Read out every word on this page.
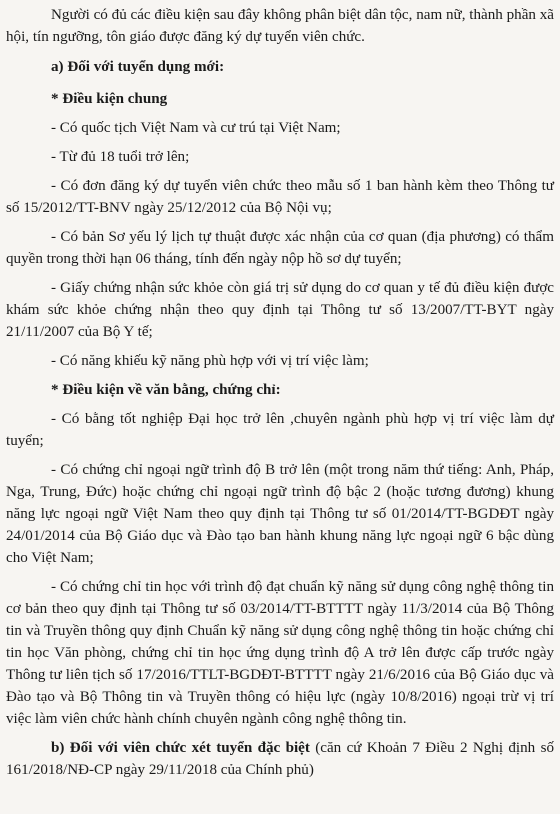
Người có đủ các điều kiện sau đây không phân biệt dân tộc, nam nữ, thành phần xã hội, tín ngưỡng, tôn giáo được đăng ký dự tuyển viên chức.

a) Đối với tuyển dụng mới:

* Điều kiện chung

- Có quốc tịch Việt Nam và cư trú tại Việt Nam;

- Từ đủ 18 tuổi trở lên;

- Có đơn đăng ký dự tuyển viên chức theo mẫu số 1 ban hành kèm theo Thông tư số 15/2012/TT-BNV ngày 25/12/2012 của Bộ Nội vụ;

- Có bản Sơ yếu lý lịch tự thuật được xác nhận của cơ quan (địa phương) có thẩm quyền trong thời hạn 06 tháng, tính đến ngày nộp hồ sơ dự tuyển;

- Giấy chứng nhận sức khỏe còn giá trị sử dụng do cơ quan y tế đủ điều kiện được khám sức khỏe chứng nhận theo quy định tại Thông tư số 13/2007/TT-BYT ngày 21/11/2007 của Bộ Y tế;

- Có năng khiếu kỹ năng phù hợp với vị trí việc làm;

* Điều kiện về văn bằng, chứng chỉ:

- Có bằng tốt nghiệp Đại học trở lên ,chuyên ngành phù hợp vị trí việc làm dự tuyển;

- Có chứng chỉ ngoại ngữ trình độ B trở lên (một trong năm thứ tiếng: Anh, Pháp, Nga, Trung, Đức) hoặc chứng chỉ ngoại ngữ trình độ bậc 2 (hoặc tương đương) khung năng lực ngoại ngữ Việt Nam theo quy định tại Thông tư số 01/2014/TT-BGDĐT ngày 24/01/2014 của Bộ Giáo dục và Đào tạo ban hành khung năng lực ngoại ngữ 6 bậc dùng cho Việt Nam;

- Có chứng chỉ tin học với trình độ đạt chuẩn kỹ năng sử dụng công nghệ thông tin cơ bản theo quy định tại Thông tư số 03/2014/TT-BTTTT ngày 11/3/2014 của Bộ Thông tin và Truyền thông quy định Chuẩn kỹ năng sử dụng công nghệ thông tin hoặc chứng chỉ tin học Văn phòng, chứng chỉ tin học ứng dụng trình độ A trở lên được cấp trước ngày Thông tư liên tịch số 17/2016/TTLT-BGDĐT-BTTTT ngày 21/6/2016 của Bộ Giáo dục và Đào tạo và Bộ Thông tin và Truyền thông có hiệu lực (ngày 10/8/2016) ngoại trừ vị trí việc làm viên chức hành chính chuyên ngành công nghệ thông tin.

b) Đối với viên chức xét tuyển đặc biệt (căn cứ Khoản 7 Điều 2 Nghị định số 161/2018/NĐ-CP ngày 29/11/2018 của Chính phủ)
